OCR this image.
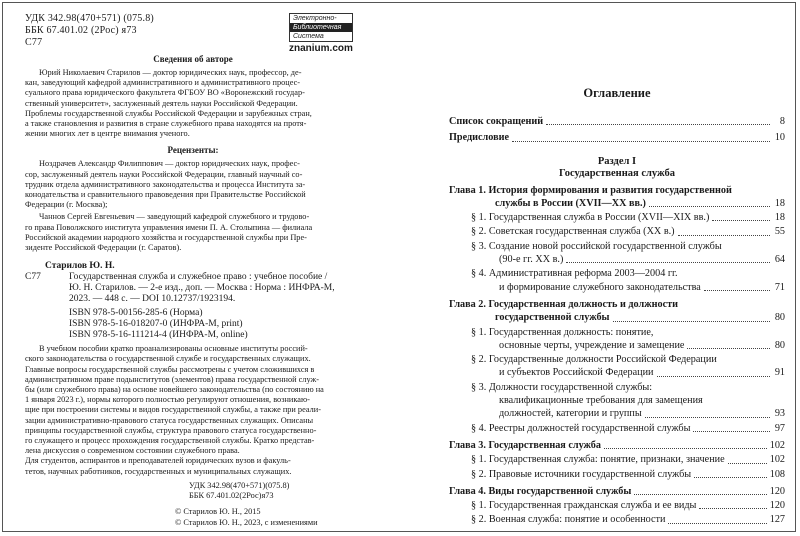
УДК 342.98(470+571) (075.8)
ББК 67.401.02 (2Рос) я73
С77
Электронно-
Библиотечная
Система
znanium.com
Сведения об авторе
Юрий Николаевич Старилов — доктор юридических наук, профессор, де-
кан, заведующий кафедрой административного и административного процес-
суального права юридического факультета ФГБОУ ВО «Воронежский государ-
ственный университет», заслуженный деятель науки Российской Федерации.
Проблемы государственной службы Российской Федерации и зарубежных стран,
а также становления и развития в стране служебного права находятся на протя-
жении многих лет в центре внимания ученого.
Рецензенты:
Ноздрачев Александр Филиппович — доктор юридических наук, профес-
сор, заслуженный деятель науки Российской Федерации, главный научный со-
трудник отдела административного законодательства и процесса Института за-
конодательства и сравнительного правоведения при Правительстве Российской
Федерации (г. Москва);
Чаннов Сергей Евгеньевич — заведующий кафедрой служебного и трудово-
го права Поволжского института управления имени П. А. Столыпина — филиала
Российской академии народного хозяйства и государственной службы при Пре-
зиденте Российской Федерации (г. Саратов).
Старилов Ю. Н.
С77	Государственная служба и служебное право : учебное пособие /
Ю. Н. Старилов. — 2-е изд., доп. — Москва : Норма : ИНФРА-М,
2023. — 448 с. — DOI 10.12737/1923194.
ISBN 978-5-00156-285-6 (Норма)
ISBN 978-5-16-018207-0 (ИНФРА-М, print)
ISBN 978-5-16-111214-4 (ИНФРА-М, online)
В учебном пособии кратко проанализированы основные институты россий-
ского законодательства о государственной службе и государственных служащих.
Главные вопросы государственной службы рассмотрены с учетом сложившихся в
административном праве подынститутов (элементов) права государственной служ-
бы (или служебного права) на основе новейшего законодательства (по состоянию на
1 января 2023 г.), нормы которого полностью регулируют отношения, возникаю-
щие при построении системы и видов государственной службы, а также при реали-
зации административно-правового статуса государственных служащих. Описаны
принципы государственной службы, структура правового статуса государственно-
го служащего и процесс прохождения государственной службы. Кратко представ-
лена дискуссия о современном состоянии служебного права.
Для студентов, аспирантов и преподавателей юридических вузов и факуль-
тетов, научных работников, государственных и муниципальных служащих.
УДК 342.98(470+571)(075.8)
ББК 67.401.02(2Рос)я73
© Старилов Ю. Н., 2015
© Старилов Ю. Н., 2023, с изменениями
Оглавление
Список сокращений	8
Предисловие	10
Раздел I
Государственная служба
Глава 1. История формирования и развития государственной
службы в России (XVII—XX вв.)	18
§ 1. Государственная служба в России (XVII—XIX вв.)	18
§ 2. Советская государственная служба (XX в.)	55
§ 3. Создание новой российской государственной службы
(90-е гг. XX в.)	64
§ 4. Административная реформа 2003—2004 гг.
и формирование служебного законодательства	71
Глава 2. Государственная должность и должности
государственной службы	80
§ 1. Государственная должность: понятие,
основные черты, учреждение и замещение	80
§ 2. Государственные должности Российской Федерации
и субъектов Российской Федерации	91
§ 3. Должности государственной службы:
квалификационные требования для замещения
должностей, категории и группы	93
§ 4. Реестры должностей государственной службы	97
Глава 3. Государственная служба	102
§ 1. Государственная служба: понятие, признаки, значение	102
§ 2. Правовые источники государственной службы	108
Глава 4. Виды государственной службы	120
§ 1. Государственная гражданская служба и ее виды	120
§ 2. Военная служба: понятие и особенности	127
